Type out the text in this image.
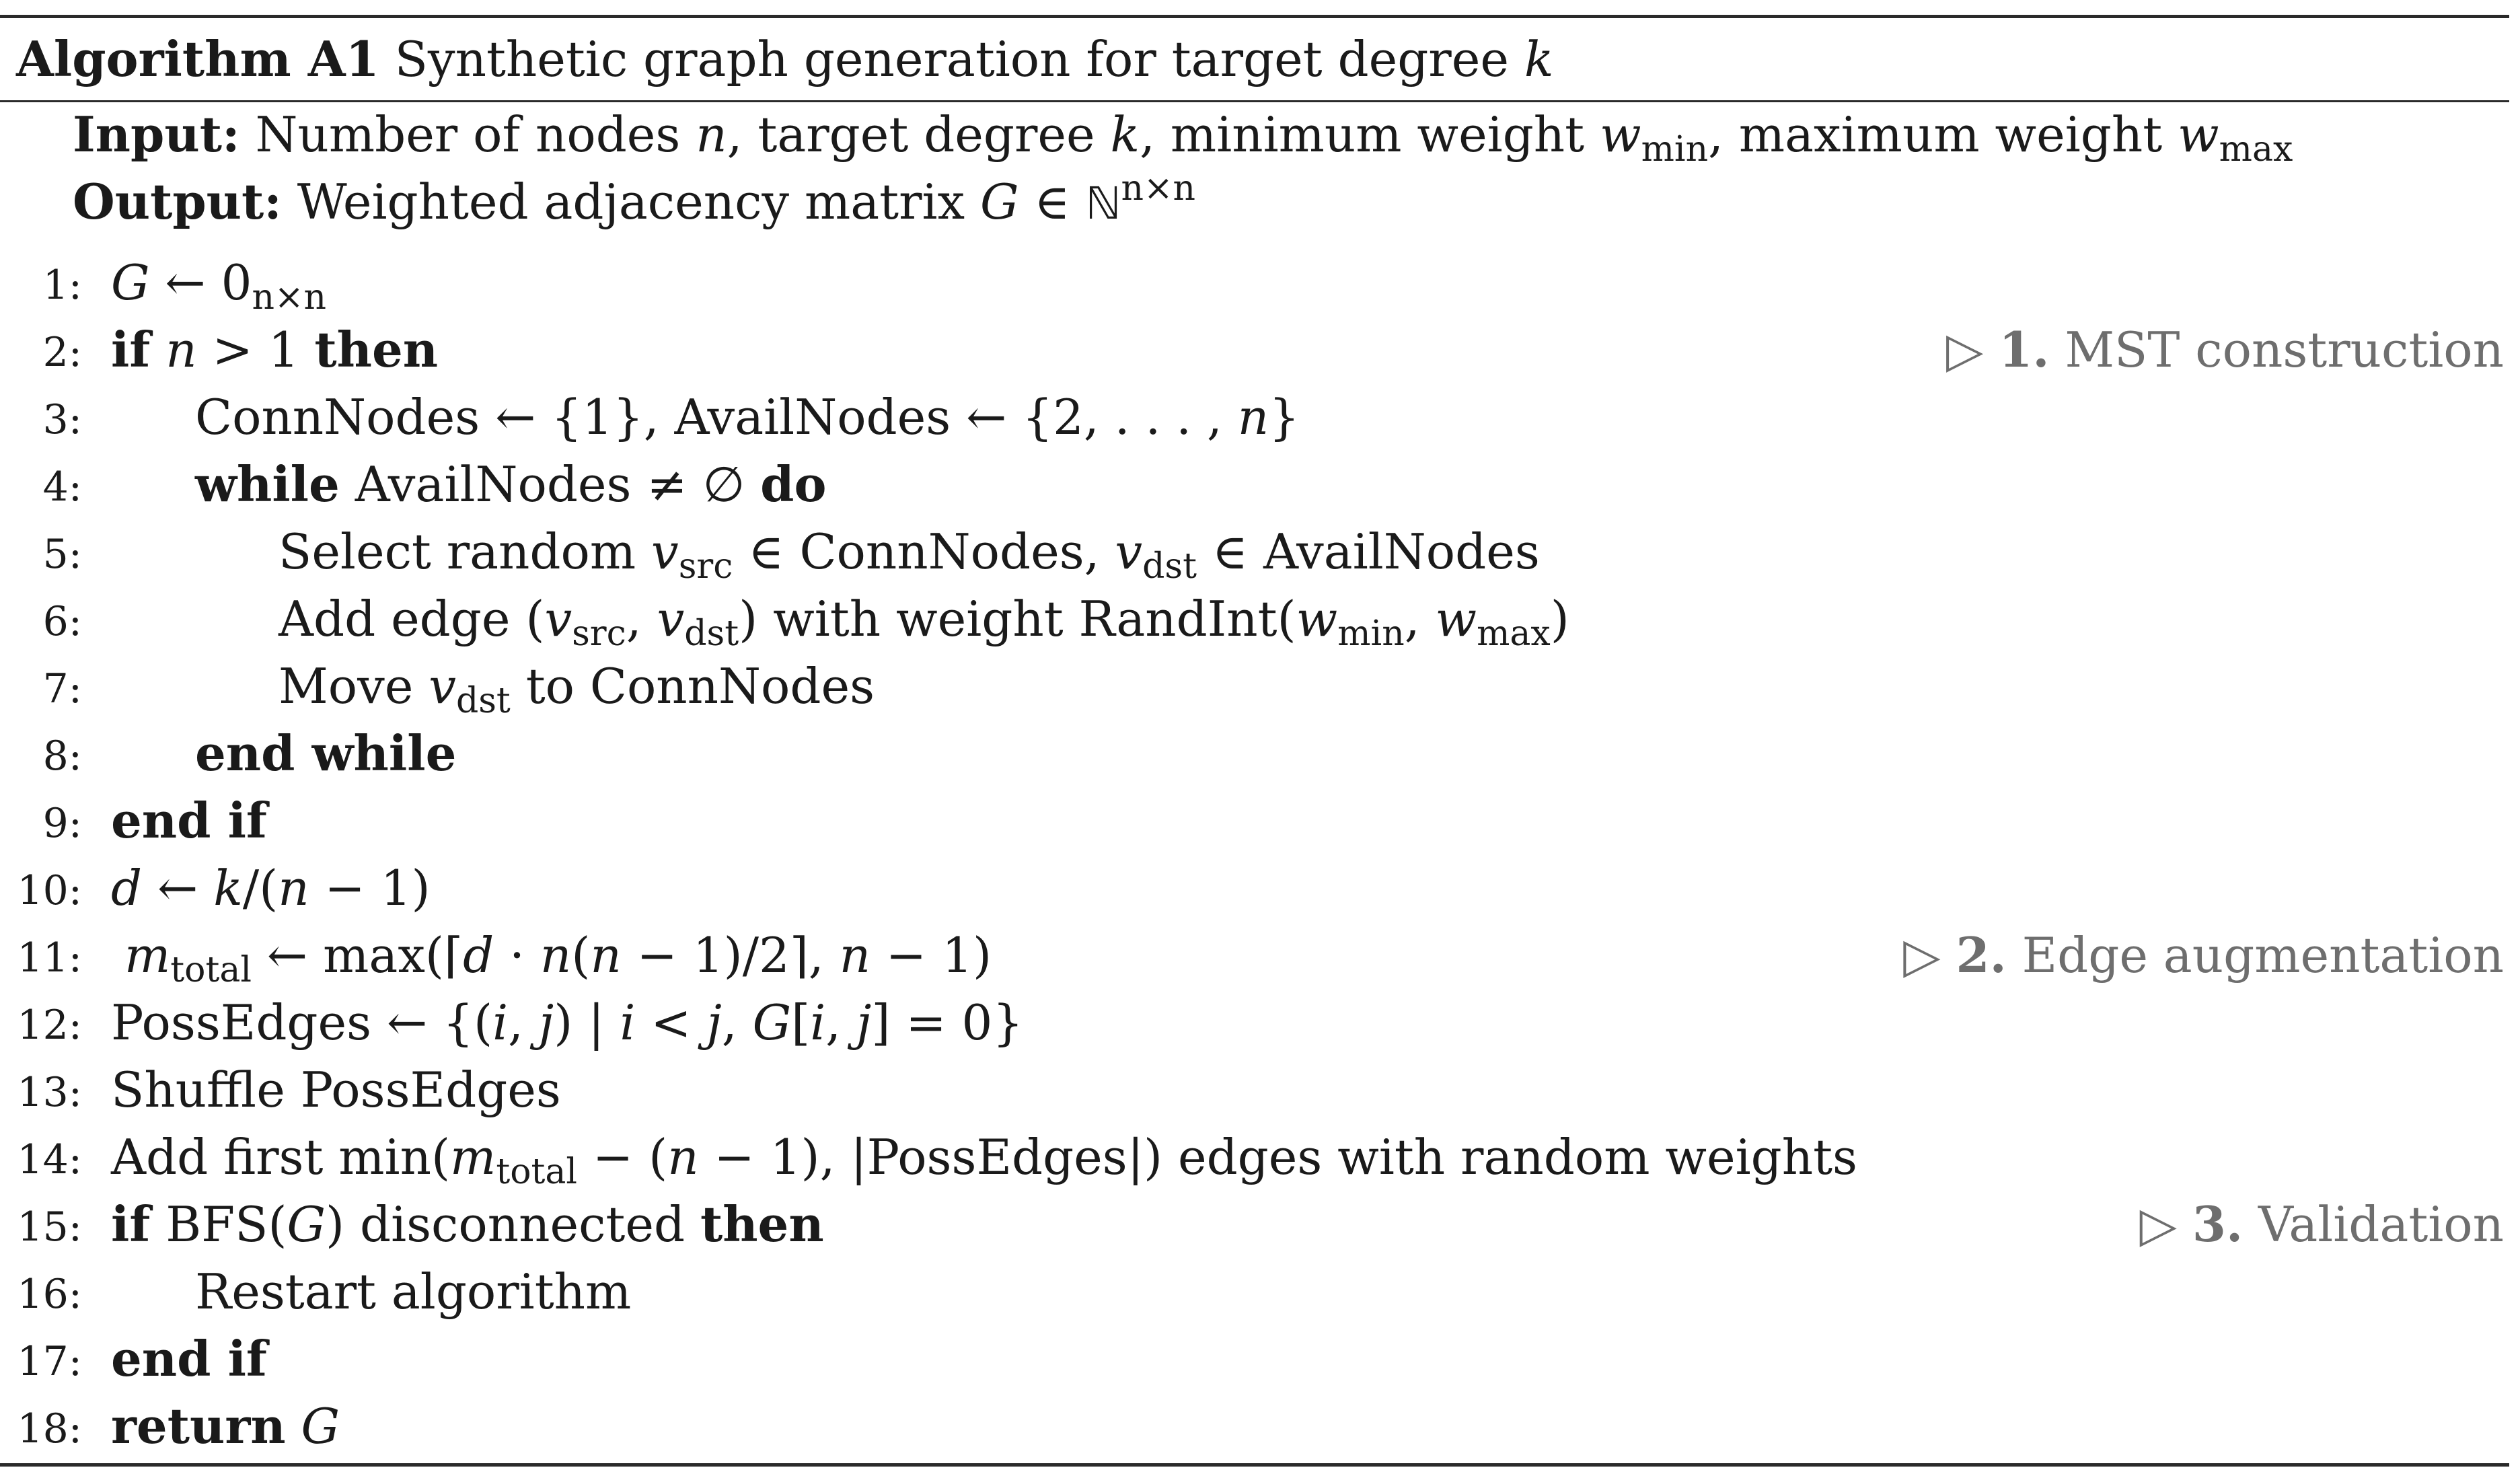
Algorithm A1 Synthetic graph generation for target degree k
Input: Number of nodes n, target degree k, minimum weight $w_{min}$, maximum weight $w_{max}$
Output: Weighted adjacency matrix G ∈ ℕ$^{n\times n}$
1: G ← $0_{n\times n}$
2: if n > 1 then	▷ 1. MST construction
3: ConnNodes ← {1}, AvailNodes ← {2, . . . , n}
4: while AvailNodes ≠ ∅ do
5:	Select random $v_{src}$ ∈ ConnNodes, $v_{dst}$ ∈ AvailNodes
6:	Add edge ($v_{src}$, $v_{dst}$) with weight $RandInt(w_{min}$, $w_{max}$)
7:	Move $v_{dst}$ to ConnNodes
8: end while
9: end if
10: d ← k/(n − 1)
11: $m_{total}$ ← max(⌈d · n(n − 1)/2⌉, n − 1)	▷ 2. Edge augmentation
12: PossEdges ← {(i, j) | i < j, G[i, j] = 0}
13: Shuffle PossEdges
14: Add first $\min(m_{total} - (n - 1)$, |PossEdges|) edges with random weights
15: if BFS(G) disconnected then	▷ 3. Validation
16: Restart algorithm
17: end if
18: return G
